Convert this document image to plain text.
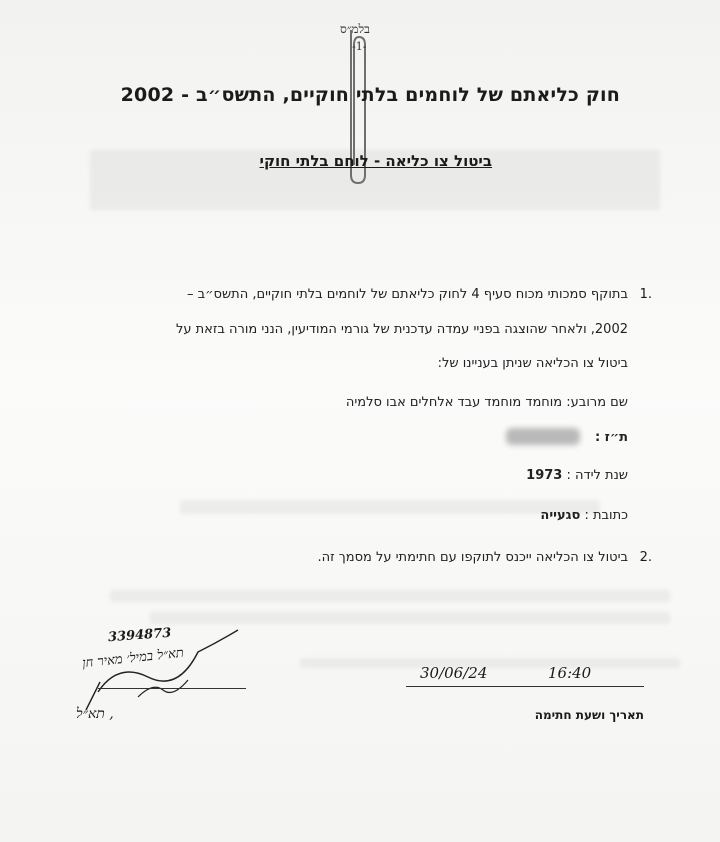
בלמ״ס
-1-
חוק כליאתם של לוחמים בלתי חוקיים, התשס״ב - 2002
ביטול צו כליאה - לוחם בלתי חוקי
.1
בתוקף סמכותי מכוח סעיף 4 לחוק כליאתם של לוחמים בלתי חוקיים, התשס״ב –
2002, ולאחר שהוצגה בפניי עמדה עדכנית של גורמי המודיעין, הנני מורה בזאת על
ביטול צו הכליאה שניתן בעניינו של:
שם מרובע: מוחמד מוחמד עבד אלחלים אבו סלמיה
ת״ז :
שנת לידה : 1973
כתובת : סגעייה
.2
ביטול צו הכליאה ייכנס לתוקפו עם חתימתי על מסמך זה.
3394873
תא״ל במיל׳ מאיר חן
, תא״ל
30/06/24	16:40
תאריך ושעת חתימה
